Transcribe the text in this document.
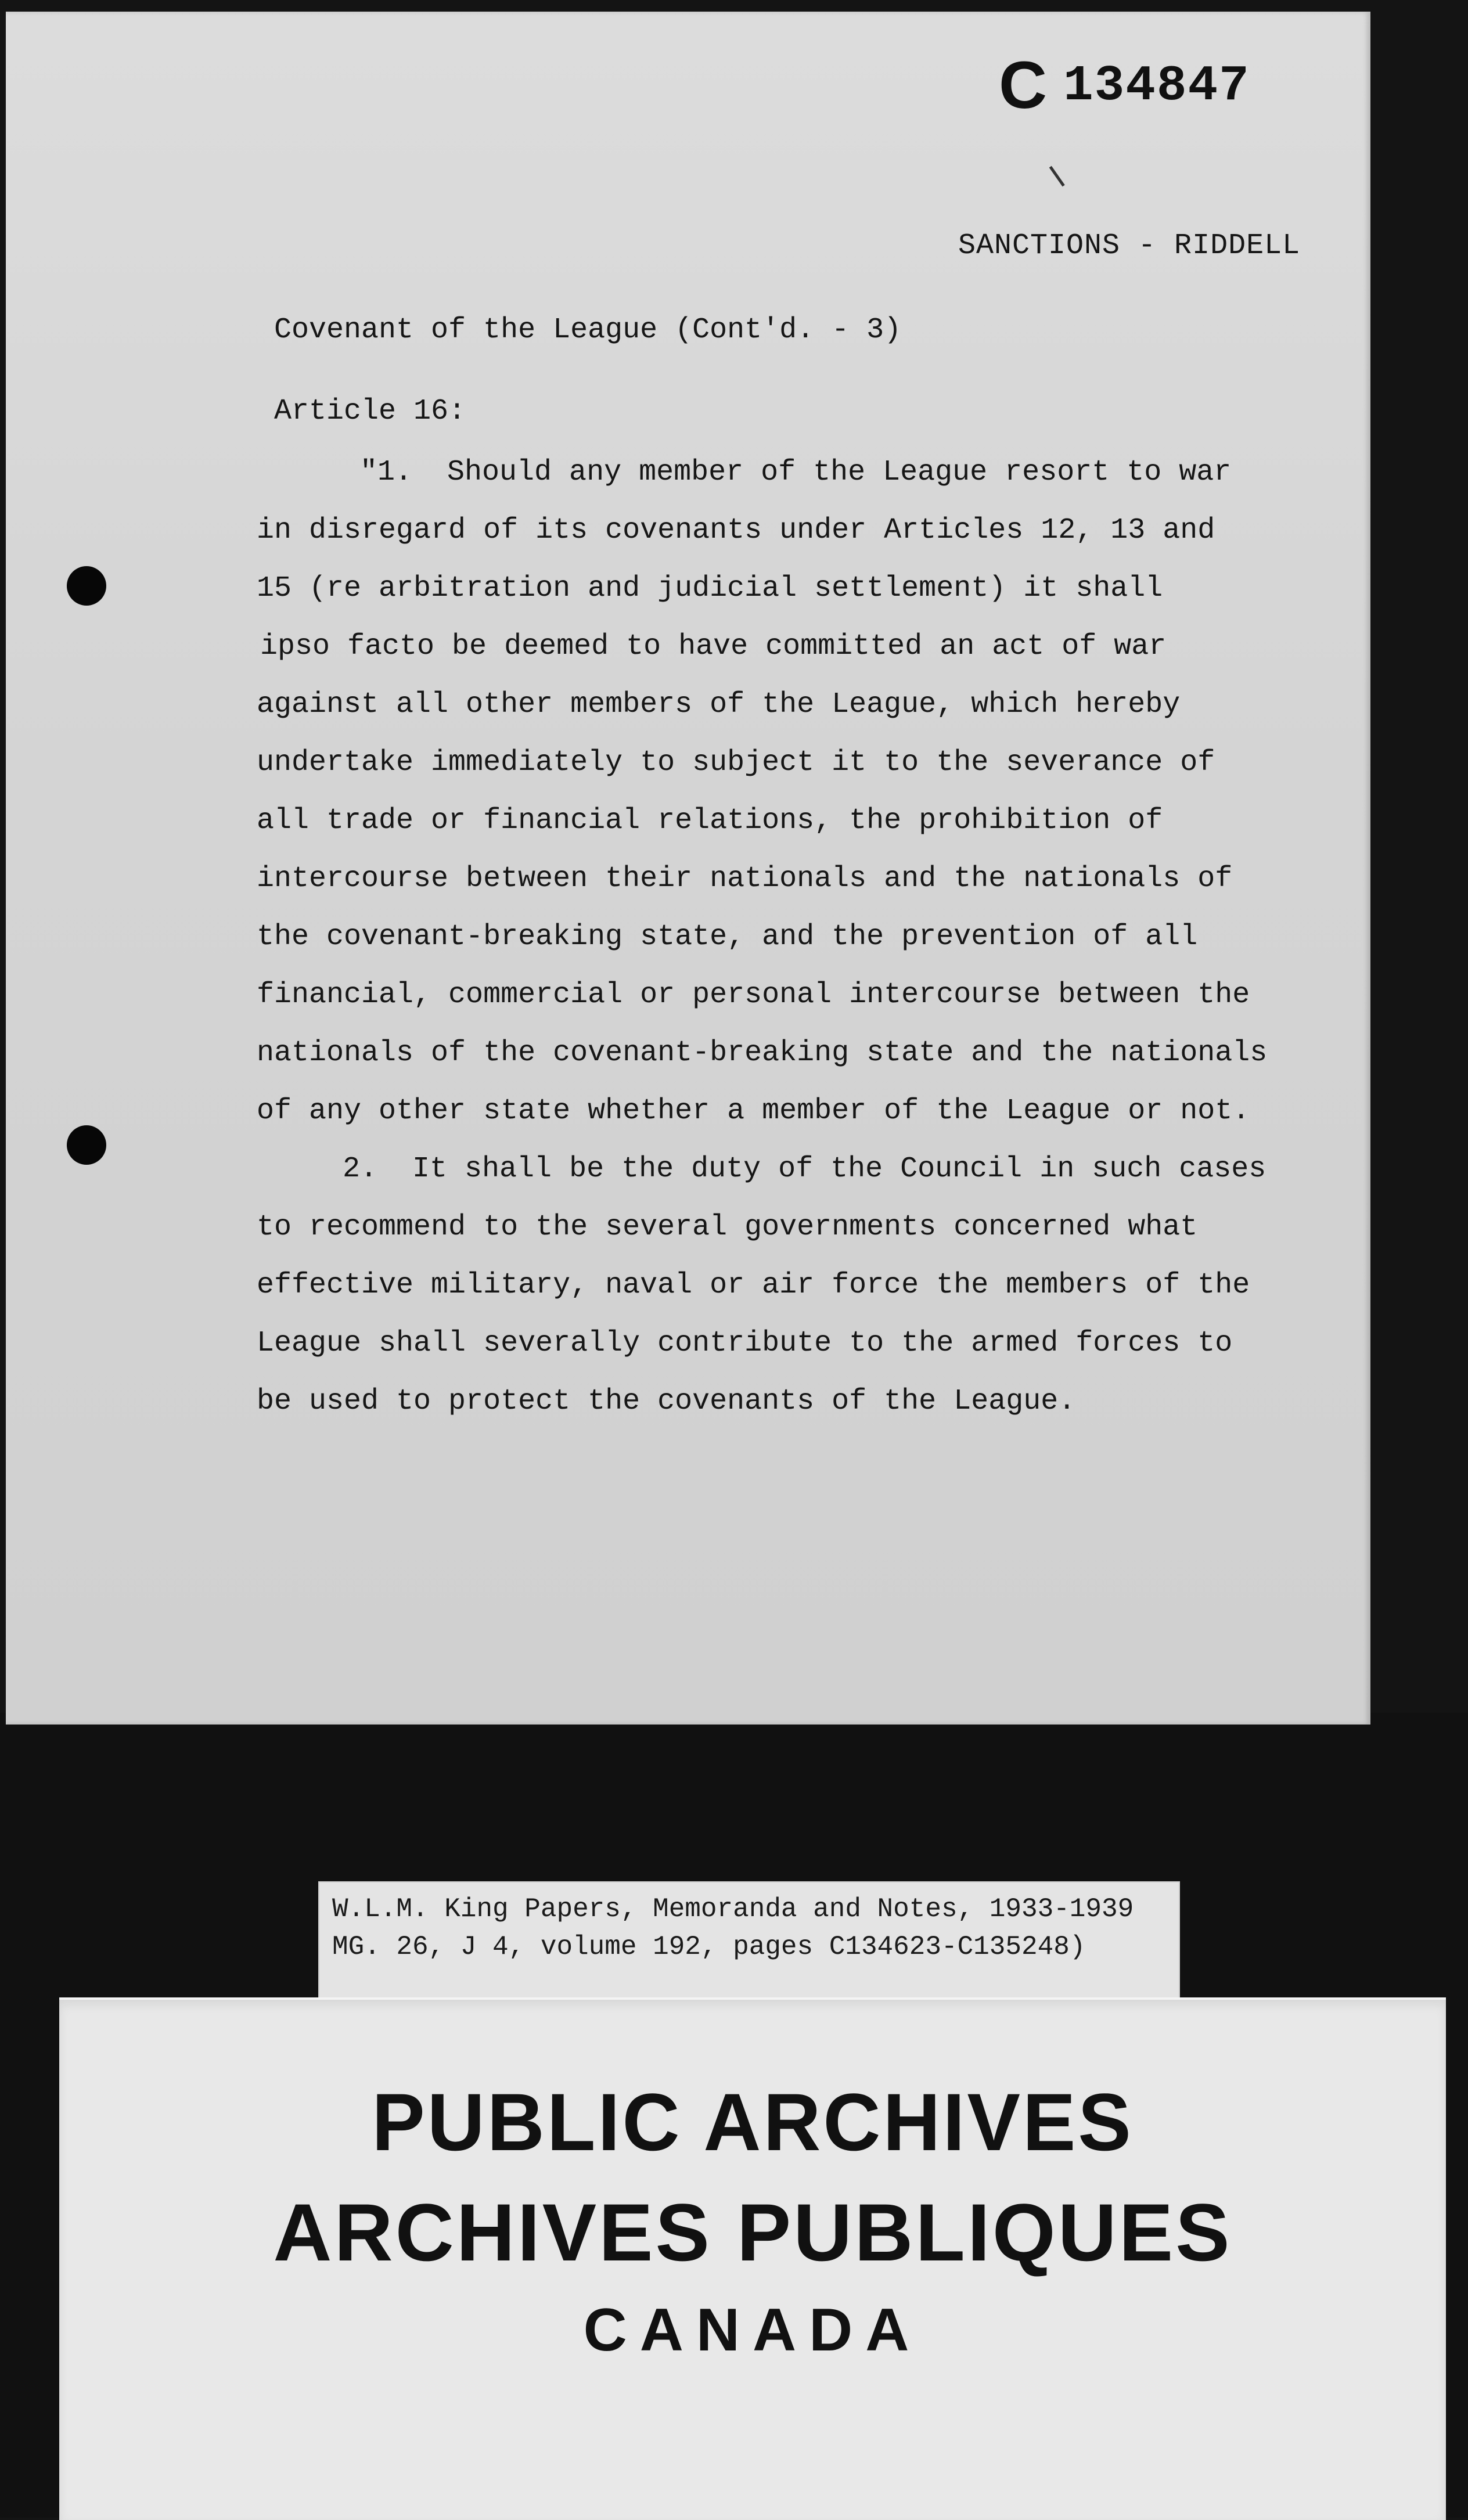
C 134847
SANCTIONS - RIDDELL
Covenant of the League (Cont'd. - 3)
Article 16:
"1.  Should any member of the League resort to war
in disregard of its covenants under Articles 12, 13 and
15 (re arbitration and judicial settlement) it shall
ipso facto be deemed to have committed an act of war
against all other members of the League, which hereby
undertake immediately to subject it to the severance of
all trade or financial relations, the prohibition of
intercourse between their nationals and the nationals of
the covenant-breaking state, and the prevention of all
financial, commercial or personal intercourse between the
nationals of the covenant-breaking state and the nationals
of any other state whether a member of the League or not.
2.  It shall be the duty of the Council in such cases
to recommend to the several governments concerned what
effective military, naval or air force the members of the
League shall severally contribute to the armed forces to
be used to protect the covenants of the League.
W.L.M. King Papers, Memoranda and Notes, 1933-1939
MG. 26, J 4, volume 192, pages C134623-C135248)
PUBLIC ARCHIVES
ARCHIVES PUBLIQUES
CANADA
